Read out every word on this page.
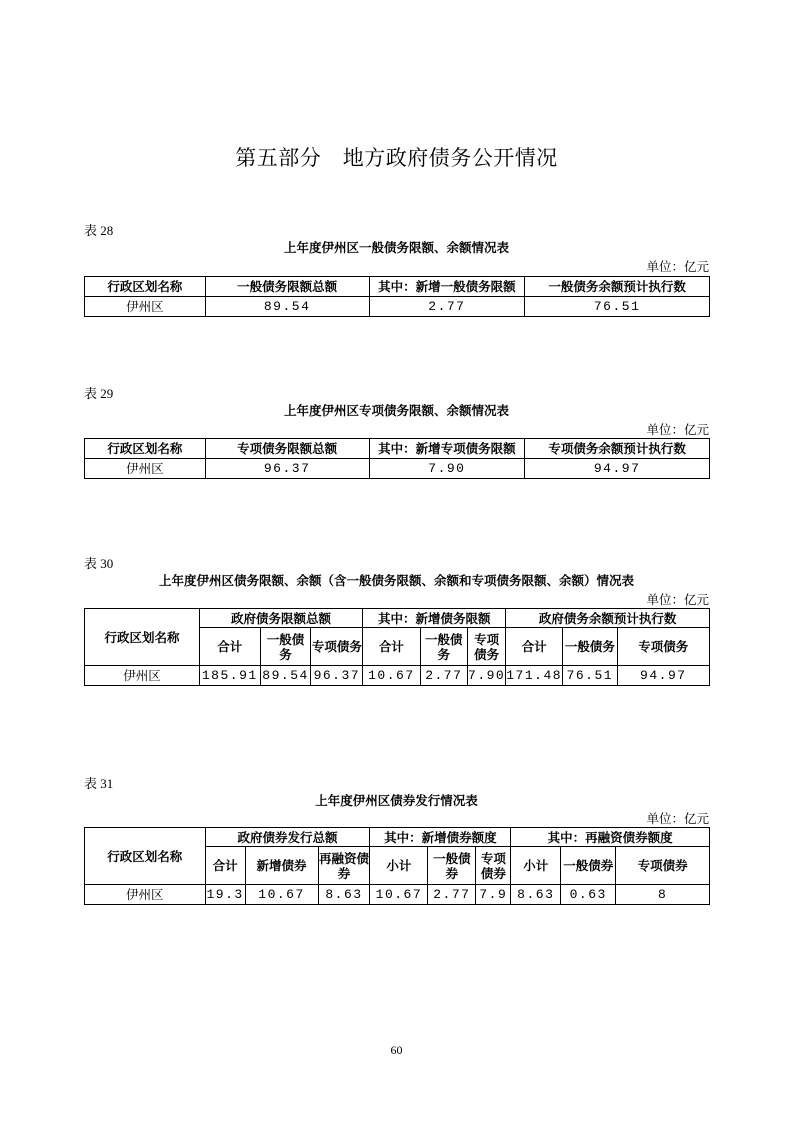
第五部分　地方政府债务公开情况
表 28
上年度伊州区一般债务限额、余额情况表
单位：亿元
行政区划名称	一般债务限额总额	其中：新增一般债务限额	一般债务余额预计执行数
伊州区	89.54	2.77	76.51
表 29
上年度伊州区专项债务限额、余额情况表
单位：亿元
行政区划名称	专项债务限额总额	其中：新增专项债务限额	专项债务余额预计执行数
伊州区	96.37	7.90	94.97
表 30
上年度伊州区债务限额、余额（含一般债务限额、余额和专项债务限额、余额）情况表
单位：亿元
行政区划名称	政府债务限额总额			其中：新增债务限额			政府债务余额预计执行数		
	合计	一般债务	专项债务	合计	一般债务	专项债务	合计	一般债务	专项债务
伊州区	185.91	89.54	96.37	10.67	2.77	7.90	171.48	76.51	94.97
表 31
上年度伊州区债券发行情况表
单位：亿元
行政区划名称	政府债券发行总额			其中：新增债券额度			其中：再融资债券额度		
	合计	新增债券	再融资债券	小计	一般债券	专项债券	小计	一般债券	专项债券
伊州区	19.3	10.67	8.63	10.67	2.77	7.9	8.63	0.63	8
60
